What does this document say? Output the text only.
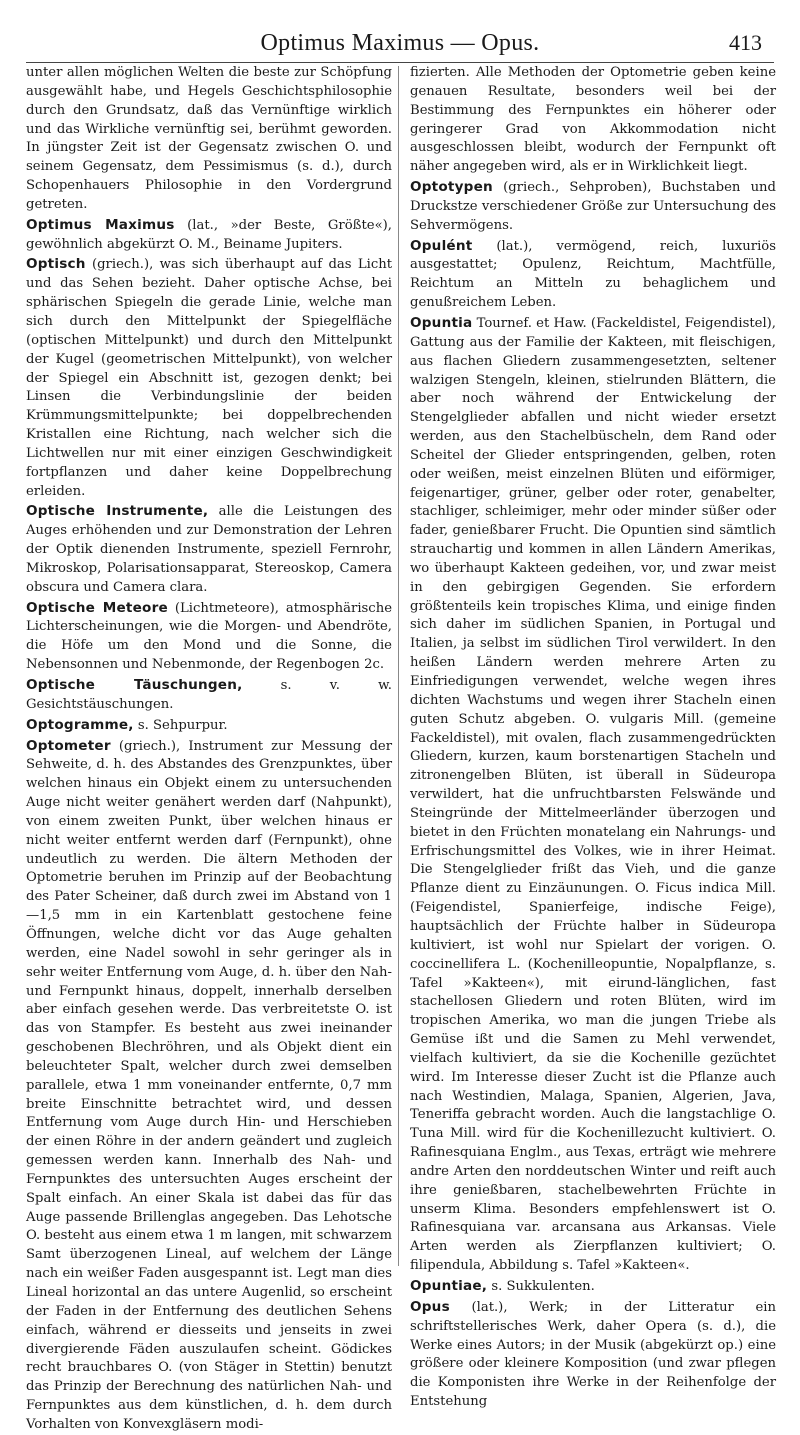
Optimus Maximus — Opus.	413

unter allen möglichen Welten die beste zur Schöpfung ausgewählt habe, und Hegels Geschichtsphilosophie durch den Grundsatz, daß das Vernünftige wirklich und das Wirkliche vernünftig sei, berühmt geworden. In jüngster Zeit ist der Gegensatz zwischen O. und seinem Gegensatz, dem Pessimismus (s. d.), durch Schopenhauers Philosophie in den Vordergrund getreten.

Optimus Maximus (lat., »der Beste, Größte«), gewöhnlich abgekürzt O. M., Beiname Jupiters.

Optisch (griech.), was sich überhaupt auf das Licht und das Sehen bezieht. Daher optische Achse, bei sphärischen Spiegeln die gerade Linie, welche man sich durch den Mittelpunkt der Spiegelfläche (optischen Mittelpunkt) und durch den Mittelpunkt der Kugel (geometrischen Mittelpunkt), von welcher der Spiegel ein Abschnitt ist, gezogen denkt; bei Linsen die Verbindungslinie der beiden Krümmungsmittelpunkte; bei doppelbrechenden Kristallen eine Richtung, nach welcher sich die Lichtwellen nur mit einer einzigen Geschwindigkeit fortpflanzen und daher keine Doppelbrechung erleiden.

Optische Instrumente, alle die Leistungen des Auges erhöhenden und zur Demonstration der Lehren der Optik dienenden Instrumente, speziell Fernrohr, Mikroskop, Polarisationsapparat, Stereoskop, Camera obscura und Camera clara.

Optische Meteore (Lichtmeteore), atmosphärische Lichterscheinungen, wie die Morgen- und Abendröte, die Höfe um den Mond und die Sonne, die Nebensonnen und Nebenmonde, der Regenbogen 2c.

Optische Täuschungen, s. v. w. Gesichtstäuschungen.

Optogramme, s. Sehpurpur.

Optometer (griech.), Instrument zur Messung der Sehweite, d. h. des Abstandes des Grenzpunktes, über welchen hinaus ein Objekt einem zu untersuchenden Auge nicht weiter genähert werden darf (Nahpunkt), von einem zweiten Punkt, über welchen hinaus er nicht weiter entfernt werden darf (Fernpunkt), ohne undeutlich zu werden. Die ältern Methoden der Optometrie beruhen im Prinzip auf der Beobachtung des Pater Scheiner, daß durch zwei im Abstand von 1—1,5 mm in ein Kartenblatt gestochene feine Öffnungen, welche dicht vor das Auge gehalten werden, eine Nadel sowohl in sehr geringer als in sehr weiter Entfernung vom Auge, d. h. über den Nah- und Fernpunkt hinaus, doppelt, innerhalb derselben aber einfach gesehen werde. Das verbreitetste O. ist das von Stampfer. Es besteht aus zwei ineinander geschobenen Blechröhren, und als Objekt dient ein beleuchteter Spalt, welcher durch zwei demselben parallele, etwa 1 mm voneinander entfernte, 0,7 mm breite Einschnitte betrachtet wird, und dessen Entfernung vom Auge durch Hin- und Herschieben der einen Röhre in der andern geändert und zugleich gemessen werden kann. Innerhalb des Nah- und Fernpunktes des untersuchten Auges erscheint der Spalt einfach. An einer Skala ist dabei das für das Auge passende Brillenglas angegeben. Das Lehotsche O. besteht aus einem etwa 1 m langen, mit schwarzem Samt überzogenen Lineal, auf welchem der Länge nach ein weißer Faden ausgespannt ist. Legt man dies Lineal horizontal an das untere Augenlid, so erscheint der Faden in der Entfernung des deutlichen Sehens einfach, während er diesseits und jenseits in zwei divergierende Fäden auszulaufen scheint. Gödickes recht brauchbares O. (von Stäger in Stettin) benutzt das Prinzip der Berechnung des natürlichen Nah- und Fernpunktes aus dem künstlichen, d. h. dem durch Vorhalten von Konvexgläsern modi-

fizierten. Alle Methoden der Optometrie geben keine genauen Resultate, besonders weil bei der Bestimmung des Fernpunktes ein höherer oder geringerer Grad von Akkommodation nicht ausgeschlossen bleibt, wodurch der Fernpunkt oft näher angegeben wird, als er in Wirklichkeit liegt.

Optotypen (griech., Sehproben), Buchstaben und Druckstze verschiedener Größe zur Untersuchung des Sehvermögens.

Opulént (lat.), vermögend, reich, luxuriös ausgestattet; Opulenz, Reichtum, Machtfülle, Reichtum an Mitteln zu behaglichem und genußreichem Leben.

Opuntia Tournef. et Haw. (Fackeldistel, Feigendistel), Gattung aus der Familie der Kakteen, mit fleischigen, aus flachen Gliedern zusammengesetzten, seltener walzigen Stengeln, kleinen, stielrunden Blättern, die aber noch während der Entwickelung der Stengelglieder abfallen und nicht wieder ersetzt werden, aus den Stachelbüscheln, dem Rand oder Scheitel der Glieder entspringenden, gelben, roten oder weißen, meist einzelnen Blüten und eiförmiger, feigenartiger, grüner, gelber oder roter, genabelter, stachliger, schleimiger, mehr oder minder süßer oder fader, genießbarer Frucht. Die Opuntien sind sämtlich strauchartig und kommen in allen Ländern Amerikas, wo überhaupt Kakteen gedeihen, vor, und zwar meist in den gebirgigen Gegenden. Sie erfordern größtenteils kein tropisches Klima, und einige finden sich daher im südlichen Spanien, in Portugal und Italien, ja selbst im südlichen Tirol verwildert. In den heißen Ländern werden mehrere Arten zu Einfriedigungen verwendet, welche wegen ihres dichten Wachstums und wegen ihrer Stacheln einen guten Schutz abgeben. O. vulgaris Mill. (gemeine Fackeldistel), mit ovalen, flach zusammengedrückten Gliedern, kurzen, kaum borstenartigen Stacheln und zitronengelben Blüten, ist überall in Südeuropa verwildert, hat die unfruchtbarsten Felswände und Steingründe der Mittelmeerländer überzogen und bietet in den Früchten monatelang ein Nahrungs- und Erfrischungsmittel des Volkes, wie in ihrer Heimat. Die Stengelglieder frißt das Vieh, und die ganze Pflanze dient zu Einzäunungen. O. Ficus indica Mill. (Feigendistel, Spanierfeige, indische Feige), hauptsächlich der Früchte halber in Südeuropa kultiviert, ist wohl nur Spielart der vorigen. O. coccinellifera L. (Kochenilleopuntie, Nopalpflanze, s. Tafel »Kakteen«), mit eirund-länglichen, fast stachellosen Gliedern und roten Blüten, wird im tropischen Amerika, wo man die jungen Triebe als Gemüse ißt und die Samen zu Mehl verwendet, vielfach kultiviert, da sie die Kochenille gezüchtet wird. Im Interesse dieser Zucht ist die Pflanze auch nach Westindien, Malaga, Spanien, Algerien, Java, Teneriffa gebracht worden. Auch die langstachlige O. Tuna Mill. wird für die Kochenillezucht kultiviert. O. Rafinesquiana Englm., aus Texas, erträgt wie mehrere andre Arten den norddeutschen Winter und reift auch ihre genießbaren, stachelbewehrten Früchte in unserm Klima. Besonders empfehlenswert ist O. Rafinesquiana var. arcansana aus Arkansas. Viele Arten werden als Zierpflanzen kultiviert; O. filipendula, Abbildung s. Tafel »Kakteen«.

Opuntiae, s. Sukkulenten.

Opus (lat.), Werk; in der Litteratur ein schriftstellerisches Werk, daher Opera (s. d.), die Werke eines Autors; in der Musik (abgekürzt op.) eine größere oder kleinere Komposition (und zwar pflegen die Komponisten ihre Werke in der Reihenfolge der Entstehung
